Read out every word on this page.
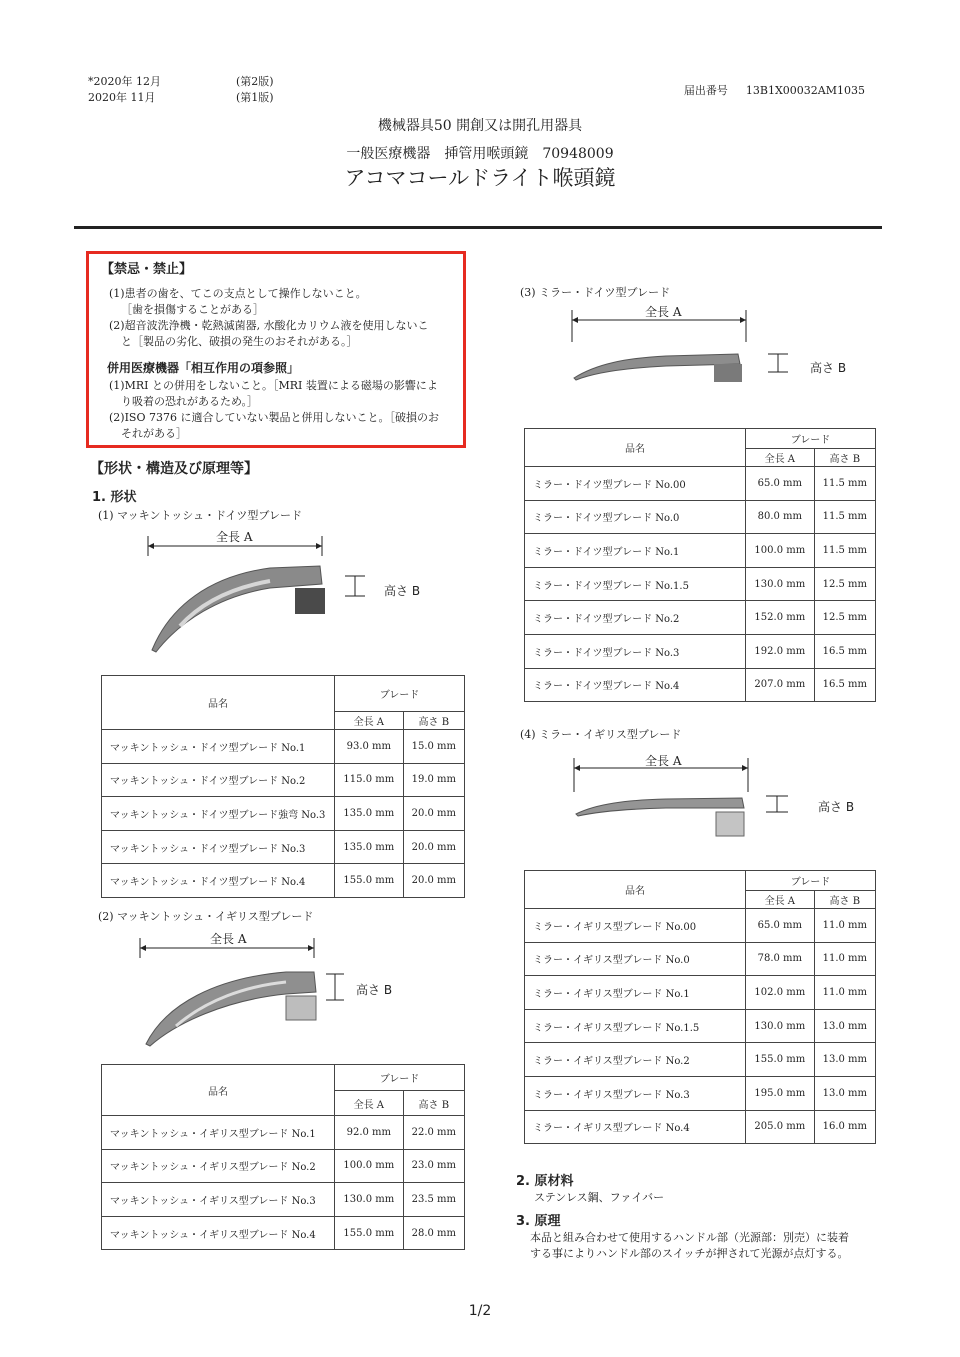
*2020年 12月	(第2版)
2020年 11月	(第1版)
届出番号 13B1X00032AM1035
機械器具50 開創又は開孔用器具
一般医療機器　挿管用喉頭鏡　70948009
アコマコールドライト喉頭鏡
【禁忌・禁止】

(1)患者の歯を、てこの支点として操作しないこと。

［歯を損傷することがある］

(2)超音波洗浄機・乾熱滅菌器, 水酸化カリウム液を使用しないこ

と［製品の劣化、破損の発生のおそれがある。］

併用医療機器「相互作用の項参照」

(1)MRI との併用をしないこと。［MRI 装置による磁場の影響によ

り吸着の恐れがあるため。］

(2)ISO 7376 に適合していない製品と併用しないこと。［破損のお

それがある］

【形状・構造及び原理等】
1. 形状
(1) マッキントッシュ・ドイツ型ブレード
全長 A
高さ B
品名	ブレード	
	全長 A	高さ B
マッキントッシュ・ドイツ型ブレード No.1	93.0 mm	15.0 mm
マッキントッシュ・ドイツ型ブレード No.2	115.0 mm	19.0 mm
マッキントッシュ・ドイツ型ブレード強弯 No.3	135.0 mm	20.0 mm
マッキントッシュ・ドイツ型ブレード No.3	135.0 mm	20.0 mm
マッキントッシュ・ドイツ型ブレード No.4	155.0 mm	20.0 mm
(2) マッキントッシュ・イギリス型ブレード
全長 A
高さ B
品名	ブレード	
	全長 A	高さ B
マッキントッシュ・イギリス型ブレード No.1	92.0 mm	22.0 mm
マッキントッシュ・イギリス型ブレード No.2	100.0 mm	23.0 mm
マッキントッシュ・イギリス型ブレード No.3	130.0 mm	23.5 mm
マッキントッシュ・イギリス型ブレード No.4	155.0 mm	28.0 mm
(3) ミラー・ドイツ型ブレード
全長 A
高さ B
品名	ブレード	
	全長 A	高さ B
ミラー・ドイツ型ブレード No.00	65.0 mm	11.5 mm
ミラー・ドイツ型ブレード No.0	80.0 mm	11.5 mm
ミラー・ドイツ型ブレード No.1	100.0 mm	11.5 mm
ミラー・ドイツ型ブレード No.1.5	130.0 mm	12.5 mm
ミラー・ドイツ型ブレード No.2	152.0 mm	12.5 mm
ミラー・ドイツ型ブレード No.3	192.0 mm	16.5 mm
ミラー・ドイツ型ブレード No.4	207.0 mm	16.5 mm
(4) ミラー・イギリス型ブレード
全長 A
高さ B
品名	ブレード	
	全長 A	高さ B
ミラー・イギリス型ブレード No.00	65.0 mm	11.0 mm
ミラー・イギリス型ブレード No.0	78.0 mm	11.0 mm
ミラー・イギリス型ブレード No.1	102.0 mm	11.0 mm
ミラー・イギリス型ブレード No.1.5	130.0 mm	13.0 mm
ミラー・イギリス型ブレード No.2	155.0 mm	13.0 mm
ミラー・イギリス型ブレード No.3	195.0 mm	13.0 mm
ミラー・イギリス型ブレード No.4	205.0 mm	16.0 mm
2. 原材料
ステンレス鋼、ファイバー
3. 原理
本品と組み合わせて使用するハンドル部（光源部：別売）に装着
する事によりハンドル部のスイッチが押されて光源が点灯する。
1/2
